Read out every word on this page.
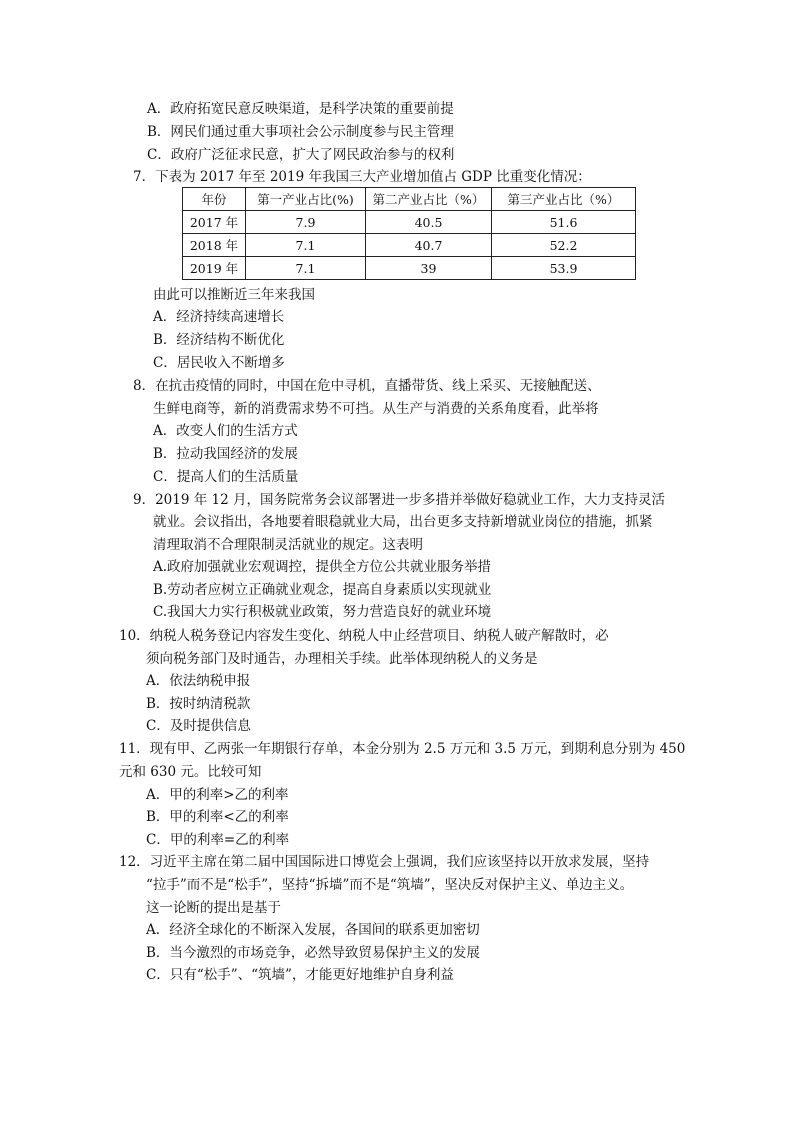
A．政府拓宽民意反映渠道，是科学决策的重要前提
B．网民们通过重大事项社会公示制度参与民主管理
C．政府广泛征求民意，扩大了网民政治参与的权利
7．下表为 2017 年至 2019 年我国三大产业增加值占 GDP 比重变化情况：
年份	第一产业占比(%)	第二产业占比（%）	第三产业占比（%）
2017 年	7.9	40.5	51.6
2018 年	7.1	40.7	52.2
2019 年	7.1	39	53.9
由此可以推断近三年来我国
A．经济持续高速增长
B．经济结构不断优化
C．居民收入不断增多
8．在抗击疫情的同时，中国在危中寻机，直播带货、线上采买、无接触配送、
生鲜电商等，新的消费需求势不可挡。从生产与消费的关系角度看，此举将
A．改变人们的生活方式
B．拉动我国经济的发展
C．提高人们的生活质量
9．2019 年 12 月，国务院常务会议部署进一步多措并举做好稳就业工作，大力支持灵活
就业。会议指出，各地要着眼稳就业大局，出台更多支持新增就业岗位的措施，抓紧
清理取消不合理限制灵活就业的规定。这表明
A.政府加强就业宏观调控，提供全方位公共就业服务举措
B.劳动者应树立正确就业观念，提高自身素质以实现就业
C.我国大力实行积极就业政策，努力营造良好的就业环境
10．纳税人税务登记内容发生变化、纳税人中止经营项目、纳税人破产解散时，必
须向税务部门及时通告，办理相关手续。此举体现纳税人的义务是
A．依法纳税申报
B．按时纳清税款
C．及时提供信息
11．现有甲、乙两张一年期银行存单，本金分别为 2.5 万元和 3.5 万元，到期利息分别为 450
元和 630 元。比较可知
A．甲的利率>乙的利率
B．甲的利率<乙的利率
C．甲的利率=乙的利率
12．习近平主席在第二届中国国际进口博览会上强调，我们应该坚持以开放求发展，坚持
“拉手”而不是“松手”，坚持“拆墙”而不是“筑墙”，坚决反对保护主义、单边主义。
这一论断的提出是基于
A．经济全球化的不断深入发展，各国间的联系更加密切
B．当今激烈的市场竞争，必然导致贸易保护主义的发展
C．只有“松手”、“筑墙”，才能更好地维护自身利益
